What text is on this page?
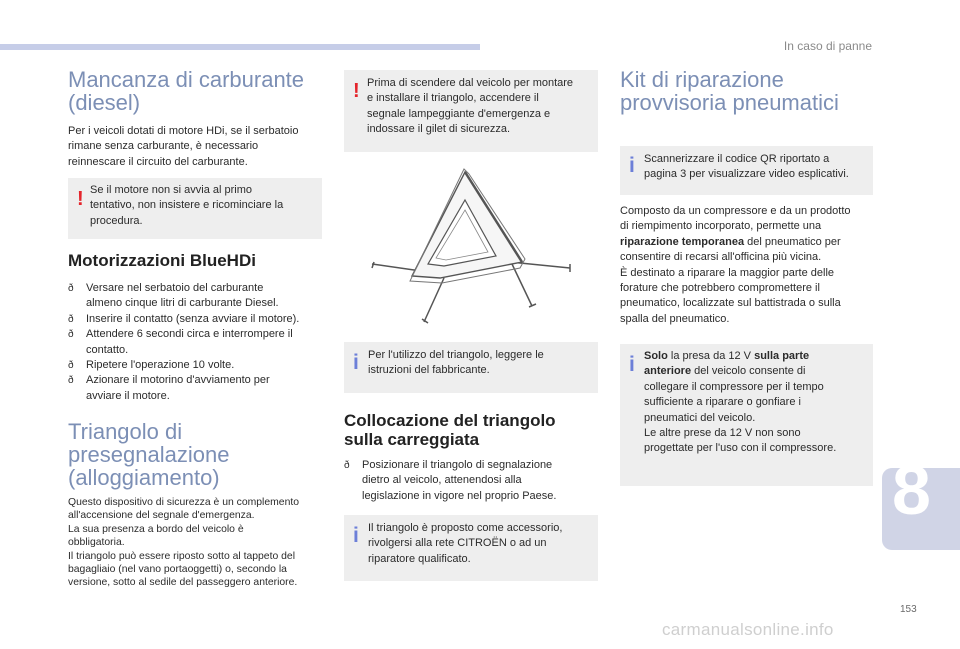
In caso di panne
8
153
carmanualsonline.info
Mancanza di carburante
(diesel)

Per i veicoli dotati di motore HDi, se il serbatoio

rimane senza carburante, è necessario

reinnescare il circuito del carburante.

! Se il motore non si avvia al primo
tentativo, non insistere e ricominciare la
procedura.
Motorizzazioni BlueHDi
ð Versare nel serbatoio del carburante
almeno cinque litri di carburante Diesel.
ð Inserire il contatto (senza avviare il motore).
ð Attendere 6 secondi circa e interrompere il
contatto.
ð Ripetere l'operazione 10 volte.
ð Azionare il motorino d'avviamento per
avviare il motore.
Triangolo di
presegnalazione
(alloggiamento)

Questo dispositivo di sicurezza è un complemento

all'accensione del segnale d'emergenza.

La sua presenza a bordo del veicolo è

obbligatoria.

Il triangolo può essere riposto sotto al tappeto del

bagagliaio (nel vano portaoggetti) o, secondo la

versione, sotto al sedile del passeggero anteriore.

! Prima di scendere dal veicolo per montare
e installare il triangolo, accendere il
segnale lampeggiante d'emergenza e
indossare il gilet di sicurezza.
i Per l'utilizzo del triangolo, leggere le
istruzioni del fabbricante.
Collocazione del triangolo
sulla carreggiata
ð Posizionare il triangolo di segnalazione
dietro al veicolo, attenendosi alla
legislazione in vigore nel proprio Paese.
i Il triangolo è proposto come accessorio,
rivolgersi alla rete CITROËN o ad un
riparatore qualificato.
Kit di riparazione
provvisoria pneumatici
i Scannerizzare il codice QR riportato a
pagina 3 per visualizzare video esplicativi.

Composto da un compressore e da un prodotto

di riempimento incorporato, permette una

riparazione temporanea del pneumatico per

consentire di recarsi all'officina più vicina.

È destinato a riparare la maggior parte delle

forature che potrebbero compromettere il

pneumatico, localizzate sul battistrada o sulla

spalla del pneumatico.

i Solo la presa da 12 V sulla parte
anteriore del veicolo consente di
collegare il compressore per il tempo
sufficiente a riparare o gonfiare i
pneumatici del veicolo.
Le altre prese da 12 V non sono
progettate per l'uso con il compressore.
